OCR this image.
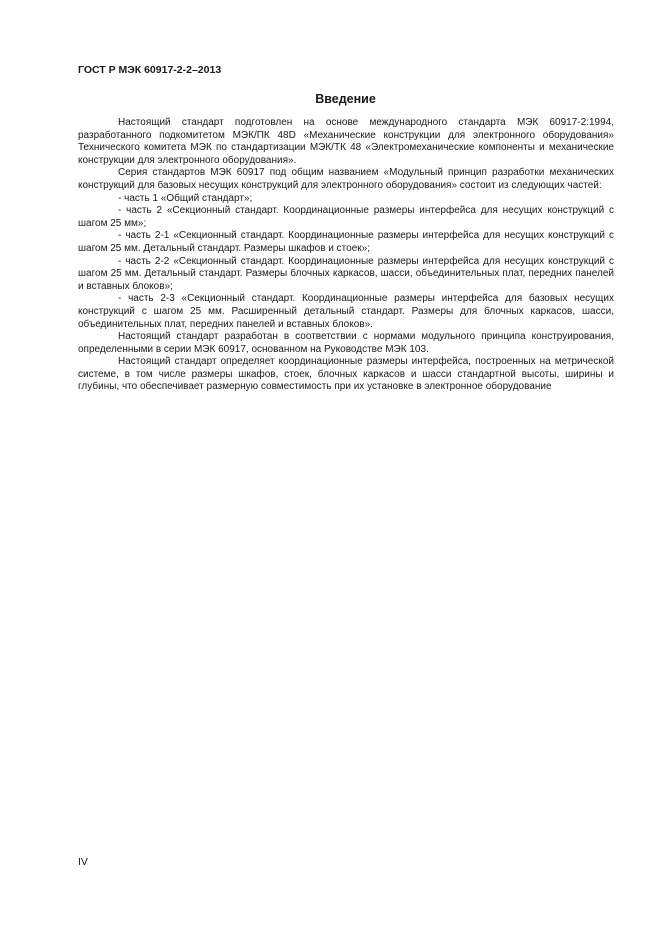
ГОСТ Р МЭК 60917-2-2–2013
Введение

Настоящий стандарт подготовлен на основе международного стандарта МЭК 60917-2:1994, разработанного подкомитетом МЭК/ПК 48D «Механические конструкции для электронного оборудования» Технического комитета МЭК по стандартизации МЭК/ТК 48 «Электромеханические компоненты и механические конструкции для электронного оборудования».

Серия стандартов МЭК 60917 под общим названием «Модульный принцип разработки механических конструкций для базовых несущих конструкций для электронного оборудования» состоит из следующих частей:

- часть 1 «Общий стандарт»;

- часть 2 «Секционный стандарт. Координационные размеры интерфейса для несущих конструкций с шагом 25 мм»;

- часть 2-1 «Секционный стандарт. Координационные размеры интерфейса для несущих конструкций с шагом 25 мм. Детальный стандарт. Размеры шкафов и стоек»;

- часть 2-2 «Секционный стандарт. Координационные размеры интерфейса для несущих конструкций с шагом 25 мм. Детальный стандарт. Размеры блочных каркасов, шасси, объединительных плат, передних панелей и вставных блоков»;

- часть 2-3 «Секционный стандарт. Координационные размеры интерфейса для базовых несущих конструкций с шагом 25 мм. Расширенный детальный стандарт. Размеры для блочных каркасов, шасси, объединительных плат, передних панелей и вставных блоков».

Настоящий стандарт разработан в соответствии с нормами модульного принципа конструирования, определенными в серии МЭК 60917, основанном на Руководстве МЭК 103.

Настоящий стандарт определяет координационные размеры интерфейса, построенных на метрической системе, в том числе размеры шкафов, стоек, блочных каркасов и шасси стандартной высоты, ширины и глубины, что обеспечивает размерную совместимость при их установке в электронное оборудование

IV
